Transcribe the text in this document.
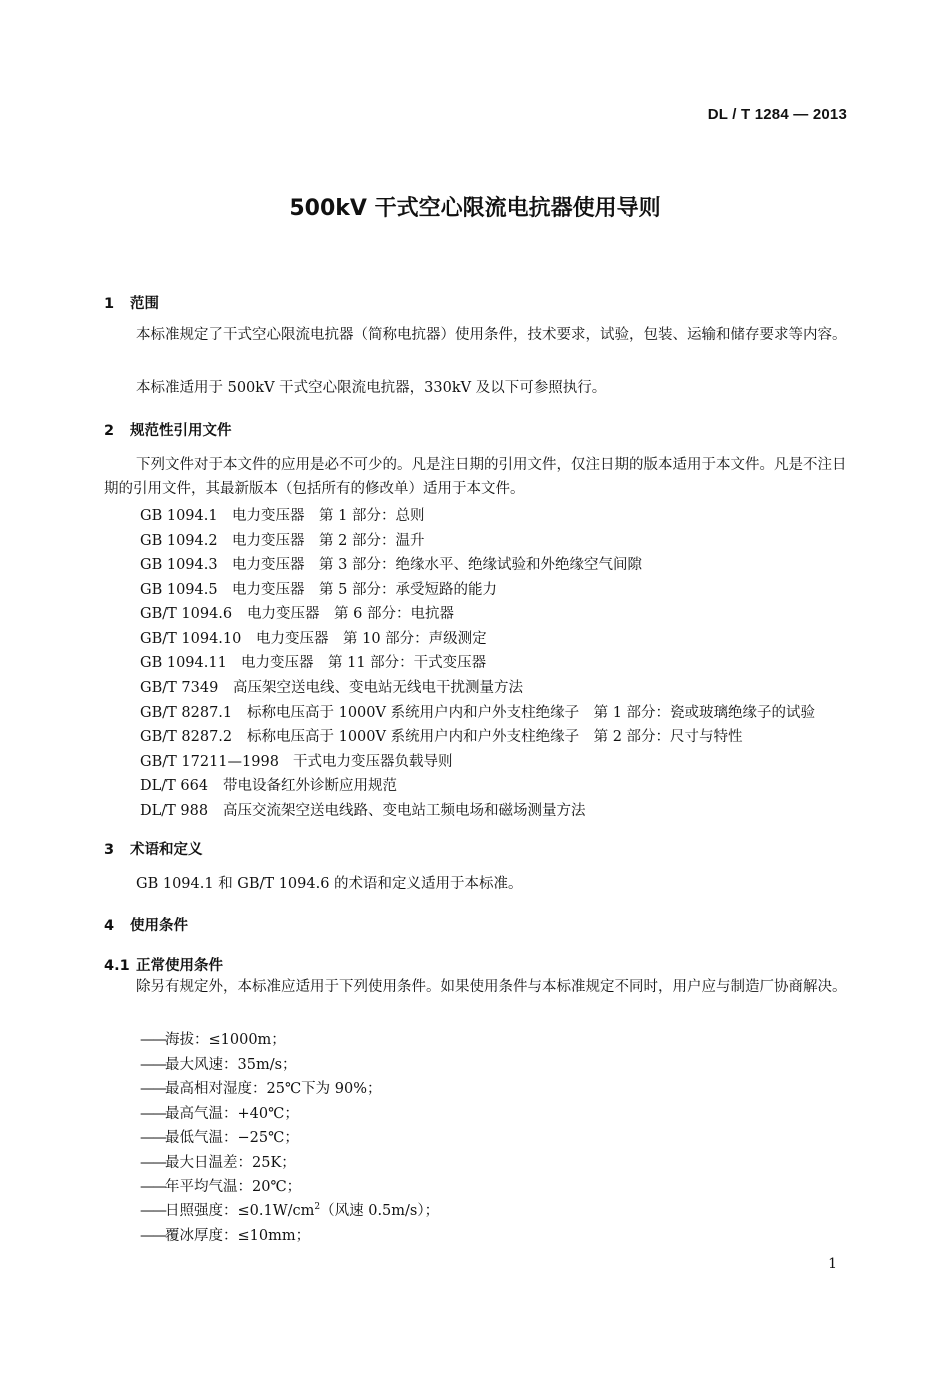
DL / T 1284 — 2013
500kV 干式空心限流电抗器使用导则
1 范围

本标准规定了干式空心限流电抗器（简称电抗器）使用条件，技术要求，试验，包装、运输和储存要求等内容。

本标准适用于 500kV 干式空心限流电抗器，330kV 及以下可参照执行。

2 规范性引用文件

下列文件对于本文件的应用是必不可少的。凡是注日期的引用文件，仅注日期的版本适用于本文件。凡是不注日期的引用文件，其最新版本（包括所有的修改单）适用于本文件。

GB 1094.1 电力变压器　第 1 部分：总则
GB 1094.2 电力变压器　第 2 部分：温升
GB 1094.3 电力变压器　第 3 部分：绝缘水平、绝缘试验和外绝缘空气间隙
GB 1094.5 电力变压器　第 5 部分：承受短路的能力
GB/T 1094.6 电力变压器　第 6 部分：电抗器
GB/T 1094.10 电力变压器　第 10 部分：声级测定
GB 1094.11 电力变压器　第 11 部分：干式变压器
GB/T 7349 高压架空送电线、变电站无线电干扰测量方法
GB/T 8287.1 标称电压高于 1000V 系统用户内和户外支柱绝缘子　第 1 部分：瓷或玻璃绝缘子的试验
GB/T 8287.2 标称电压高于 1000V 系统用户内和户外支柱绝缘子　第 2 部分：尺寸与特性
GB/T 17211—1998 干式电力变压器负载导则
DL/T 664 带电设备红外诊断应用规范
DL/T 988 高压交流架空送电线路、变电站工频电场和磁场测量方法
3 术语和定义

GB 1094.1 和 GB/T 1094.6 的术语和定义适用于本标准。

4 使用条件
4.1 正常使用条件

除另有规定外，本标准应适用于下列使用条件。如果使用条件与本标准规定不同时，用户应与制造厂协商解决。

——海拔：≤1000m；
——最大风速：35m/s；
——最高相对湿度：25℃下为 90%；
——最高气温：+40℃；
——最低气温：−25℃；
——最大日温差：25K；
——年平均气温：20℃；
——日照强度：$\le 0.1W/cm^2$（风速 0.5m/s）；
——覆冰厚度：≤10mm；
1
